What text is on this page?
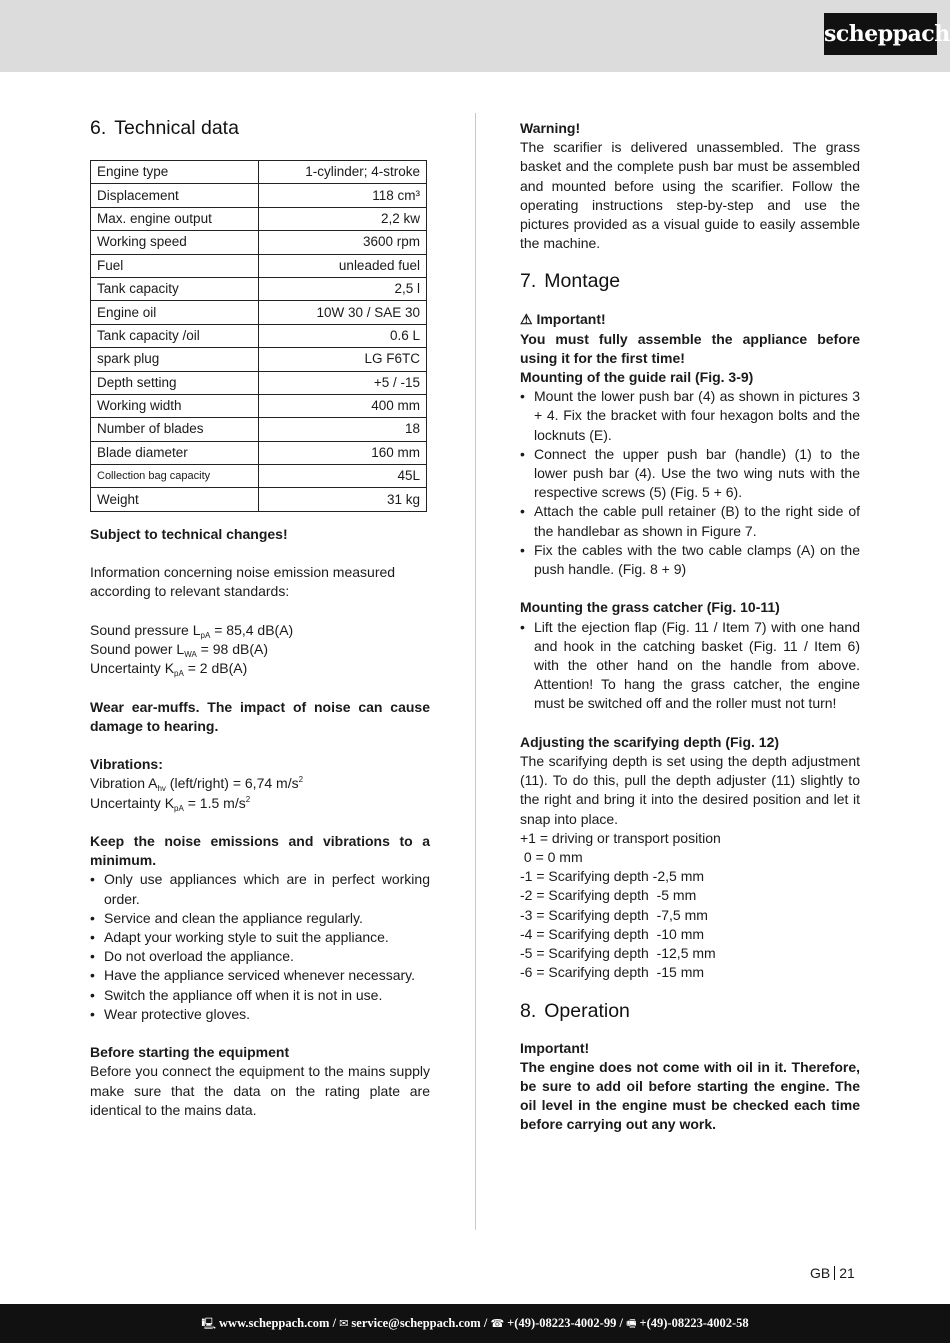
scheppach
6. Technical data
Engine type	1-cylinder; 4-stroke
Displacement	118 cm³
Max. engine output	2,2 kw
Working speed	3600 rpm
Fuel	unleaded fuel
Tank capacity	2,5 l
Engine oil	10W 30 / SAE 30
Tank capacity /oil	0.6 L
spark plug	LG F6TC
Depth setting	+5 / -15
Working width	400 mm
Number of blades	18
Blade diameter	160 mm
Collection bag capacity	45L
Weight	31 kg

Subject to technical changes!

Information concerning noise emission measured according to relevant standards:

Sound pressure $L_{pA} = 85,4$ dB(A)

Sound power $L_{WA} = 98$ dB(A)

Uncertainty $K_{pA} = 2$ dB(A)

Wear ear-muffs. The impact of noise can cause damage to hearing.

Vibrations:

Vibration $A_{hv}$ (left/right) = 6,74 $m/s^2$

Uncertainty $K_{pA} = 1.5$ $m/s^2$

Keep the noise emissions and vibrations to a minimum.

• Only use appliances which are in perfect working order.
• Service and clean the appliance regularly.
• Adapt your working style to suit the appliance.
• Do not overload the appliance.
• Have the appliance serviced whenever necessary.
• Switch the appliance off when it is not in use.
• Wear protective gloves.

Before starting the equipment

Before you connect the equipment to the mains supply make sure that the data on the rating plate are identical to the mains data.

Warning!

The scarifier is delivered unassembled. The grass basket and the complete push bar must be assembled and mounted before using the scarifier. Follow the operating instructions step-by-step and use the pictures provided as a visual guide to easily assemble the machine.

7. Montage

⚠ Important!

You must fully assemble the appliance before using it for the first time!

Mounting of the guide rail (Fig. 3-9)

• Mount the lower push bar (4) as shown in pictures 3 + 4. Fix the bracket with four hexagon bolts and the locknuts (E).
• Connect the upper push bar (handle) (1) to the lower push bar (4). Use the two wing nuts with the respective screws (5) (Fig. 5 + 6).
• Attach the cable pull retainer (B) to the right side of the handlebar as shown in Figure 7.
• Fix the cables with the two cable clamps (A) on the push handle. (Fig. 8 + 9)

Mounting the grass catcher (Fig. 10-11)

• Lift the ejection flap (Fig. 11 / Item 7) with one hand and hook in the catching basket (Fig. 11 / Item 6) with the other hand on the handle from above. Attention! To hang the grass catcher, the engine must be switched off and the roller must not turn!

Adjusting the scarifying depth (Fig. 12)

The scarifying depth is set using the depth adjustment (11). To do this, pull the depth adjuster (11) slightly to the right and bring it into the desired position and let it snap into place.

+1 = driving or transport position

0 = 0 mm

-1 = Scarifying depth -2,5 mm

-2 = Scarifying depth  -5 mm

-3 = Scarifying depth  -7,5 mm

-4 = Scarifying depth  -10 mm

-5 = Scarifying depth  -12,5 mm

-6 = Scarifying depth  -15 mm

8. Operation

Important!

The engine does not come with oil in it. Therefore, be sure to add oil before starting the engine. The oil level in the engine must be checked each time before carrying out any work.

GB 21
🖳 www.scheppach.com / ✉ service@scheppach.com / ☎ +(49)-08223-4002-99 / 🖷 +(49)-08223-4002-58
